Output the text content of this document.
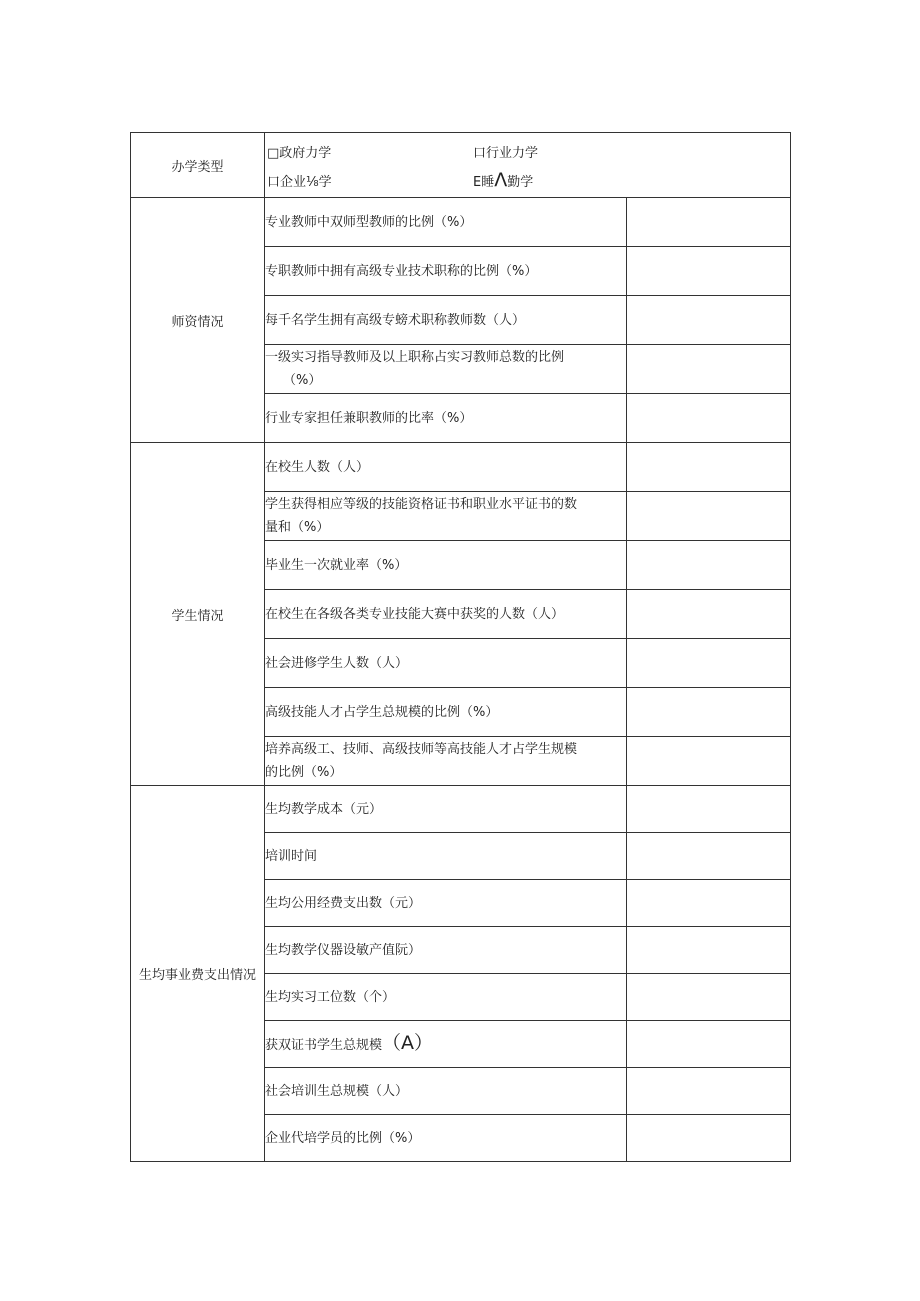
办学类型	□政府力学 口行业力学
口企业⅛学 E睡Λ勤学	

师资情况	专业教师中双师型教师的比例（%）	
	专职教师中拥有高级专业技术职称的比例（%）	
	每千名学生拥有高级专螃术职称教师数（人）	

	一级实习指导教师及以上职称占实习教师总数的比例
（%）	

	行业专家担任兼职教师的比率（%）	
学生情况	在校生人数（人）	

	学生获得相应等级的技能资格证书和职业水平证书的数
量和（%）	

	毕业生一次就业率（%）	
	在校生在各级各类专业技能大赛中获奖的人数（人）	
	社会进修学生人数（人）	
	高级技能人才占学生总规模的比例（%）	

	培养高级工、技师、高级技师等高技能人才占学生规模
的比例（%）	

生均事业费支出情况	生均教学成本（元）	
	培训时间	
	生均公用经费支出数（元）	
	生均教学仪器设敏产值阮）	
	生均实习工位数（个）	
	获双证书学生总规模（A）	
	社会培训生总规模（人）	
	企业代培学员的比例（%）	
